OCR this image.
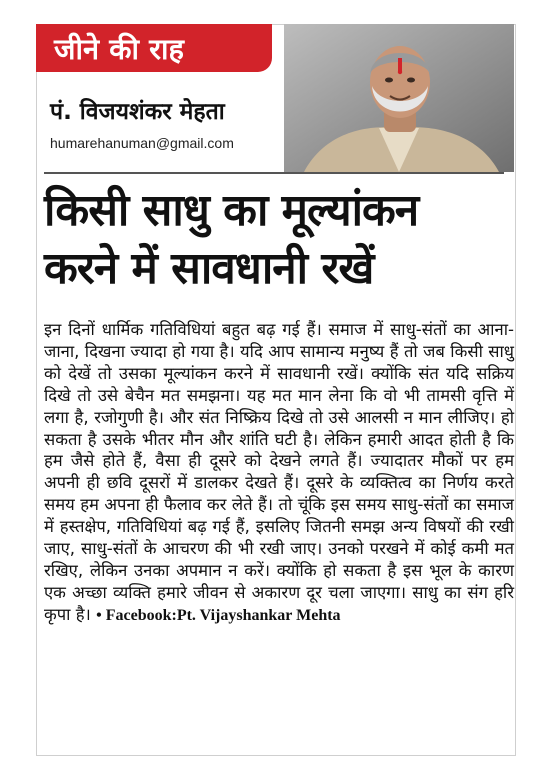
जीने की राह
पं. विजयशंकर मेहता
humarehanuman@gmail.com
किसी साधु का मूल्यांकन
करने में सावधानी रखें
इन दिनों धार्मिक गतिविधियां बहुत बढ़ गई हैं। समाज में साधु-संतों का आना-जाना, दिखना ज्यादा हो गया है। यदि आप सामान्य मनुष्य हैं तो जब किसी साधु को देखें तो उसका मूल्यांकन करने में सावधानी रखें। क्योंकि संत यदि सक्रिय दिखे तो उसे बेचैन मत समझना। यह मत मान लेना कि वो भी तामसी वृत्ति में लगा है, रजोगुणी है। और संत निष्क्रिय दिखे तो उसे आलसी न मान लीजिए। हो सकता है उसके भीतर मौन और शांति घटी है। लेकिन हमारी आदत होती है कि हम जैसे होते हैं, वैसा ही दूसरे को देखने लगते हैं। ज्यादातर मौकों पर हम अपनी ही छवि दूसरों में डालकर देखते हैं। दूसरे के व्यक्तित्व का निर्णय करते समय हम अपना ही फैलाव कर लेते हैं। तो चूंकि इस समय साधु-संतों का समाज में हस्तक्षेप, गतिविधियां बढ़ गई हैं, इसलिए जितनी समझ अन्य विषयों की रखी जाए, साधु-संतों के आचरण की भी रखी जाए। उनको परखने में कोई कमी मत रखिए, लेकिन उनका अपमान न करें। क्योंकि हो सकता है इस भूल के कारण एक अच्छा व्यक्ति हमारे जीवन से अकारण दूर चला जाएगा। साधु का संग हरि कृपा है। • Facebook:Pt. Vijayshankar Mehta
